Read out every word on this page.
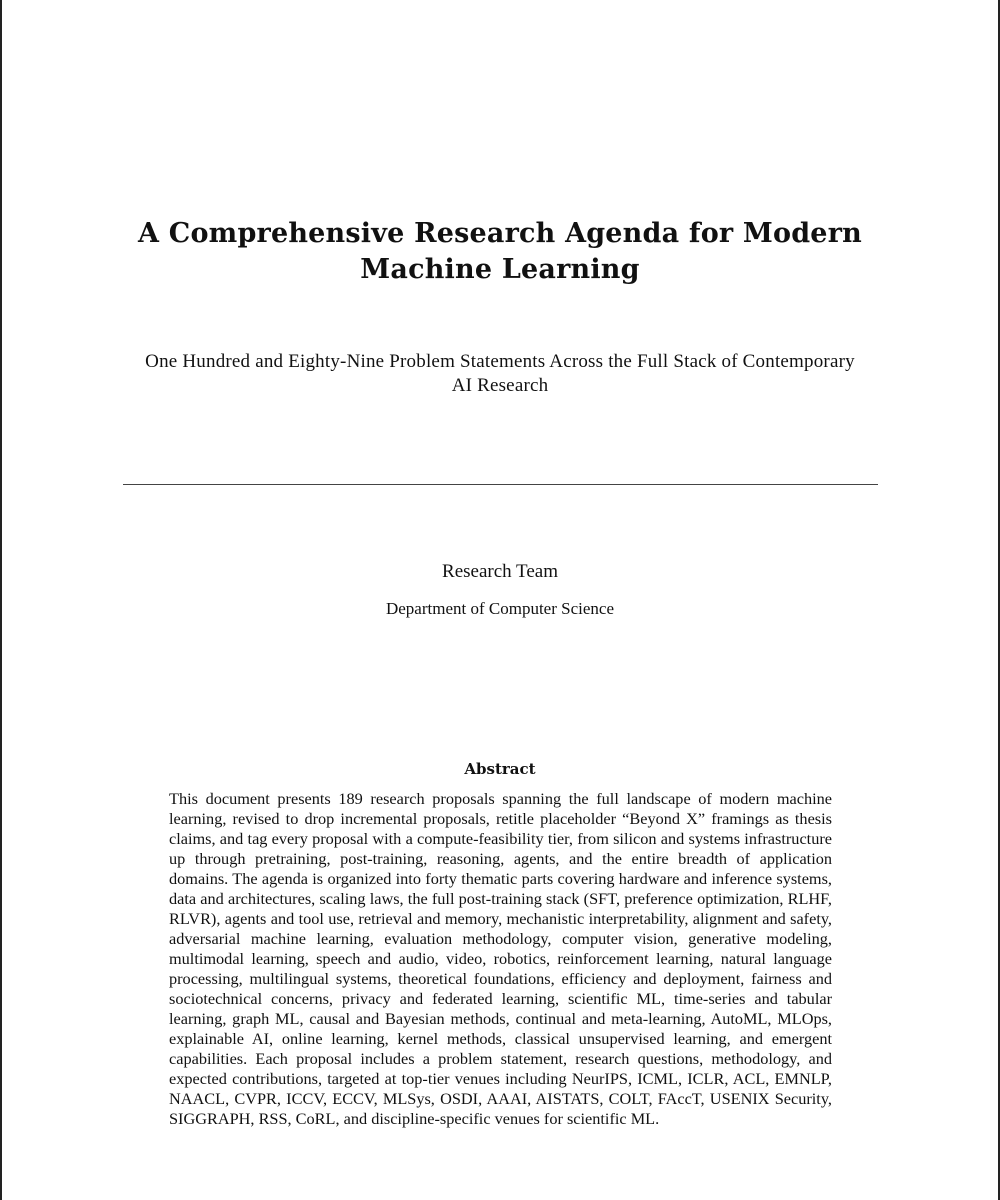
A Comprehensive Research Agenda for Modern Machine Learning

One Hundred and Eighty-Nine Problem Statements Across the Full Stack of Contemporary AI Research

Research Team

Department of Computer Science

Abstract

This document presents 189 research proposals spanning the full landscape of modern machine learning, revised to drop incremental proposals, retitle placeholder “Beyond X” framings as thesis claims, and tag every proposal with a compute-feasibility tier, from silicon and systems infrastructure up through pretraining, post-training, reasoning, agents, and the entire breadth of application domains. The agenda is organized into forty thematic parts covering hardware and inference systems, data and architectures, scaling laws, the full post-training stack (SFT, preference optimization, RLHF, RLVR), agents and tool use, retrieval and memory, mechanistic interpretability, alignment and safety, adversarial machine learning, evaluation methodology, computer vision, generative modeling, multimodal learning, speech and audio, video, robotics, reinforcement learning, natural language processing, multilingual systems, theoretical foundations, efficiency and deployment, fairness and sociotechnical concerns, privacy and federated learning, scientific ML, time-series and tabular learning, graph ML, causal and Bayesian methods, continual and meta-learning, AutoML, MLOps, explainable AI, online learning, kernel methods, classical unsupervised learning, and emergent capabilities. Each proposal includes a problem statement, research questions, methodology, and expected contributions, targeted at top-tier venues including NeurIPS, ICML, ICLR, ACL, EMNLP, NAACL, CVPR, ICCV, ECCV, MLSys, OSDI, AAAI, AISTATS, COLT, FAccT, USENIX Security, SIGGRAPH, RSS, CoRL, and discipline-specific venues for scientific ML.
